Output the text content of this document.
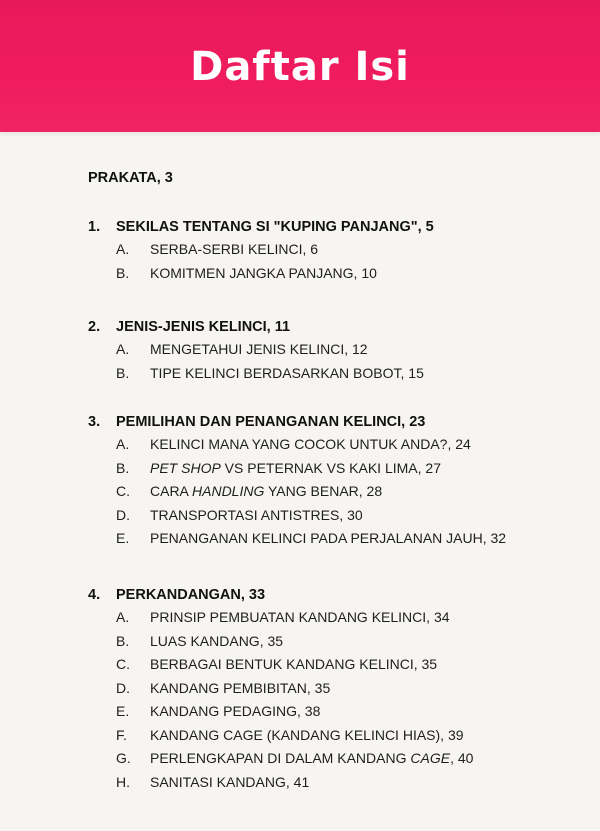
Daftar Isi
PRAKATA, 3
1. SEKILAS TENTANG SI "KUPING PANJANG", 5
A. SERBA-SERBI KELINCI, 6
B. KOMITMEN JANGKA PANJANG, 10
2. JENIS-JENIS KELINCI, 11
A. MENGETAHUI JENIS KELINCI, 12
B. TIPE KELINCI BERDASARKAN BOBOT, 15
3. PEMILIHAN DAN PENANGANAN KELINCI, 23
A. KELINCI MANA YANG COCOK UNTUK ANDA?, 24
B. PET SHOP VS PETERNAK VS KAKI LIMA, 27
C. CARA HANDLING YANG BENAR, 28
D. TRANSPORTASI ANTISTRES, 30
E. PENANGANAN KELINCI PADA PERJALANAN JAUH, 32
4. PERKANDANGAN, 33
A. PRINSIP PEMBUATAN KANDANG KELINCI, 34
B. LUAS KANDANG, 35
C. BERBAGAI BENTUK KANDANG KELINCI, 35
D. KANDANG PEMBIBITAN, 35
E. KANDANG PEDAGING, 38
F. KANDANG CAGE (KANDANG KELINCI HIAS), 39
G. PERLENGKAPAN DI DALAM KANDANG CAGE, 40
H. SANITASI KANDANG, 41
